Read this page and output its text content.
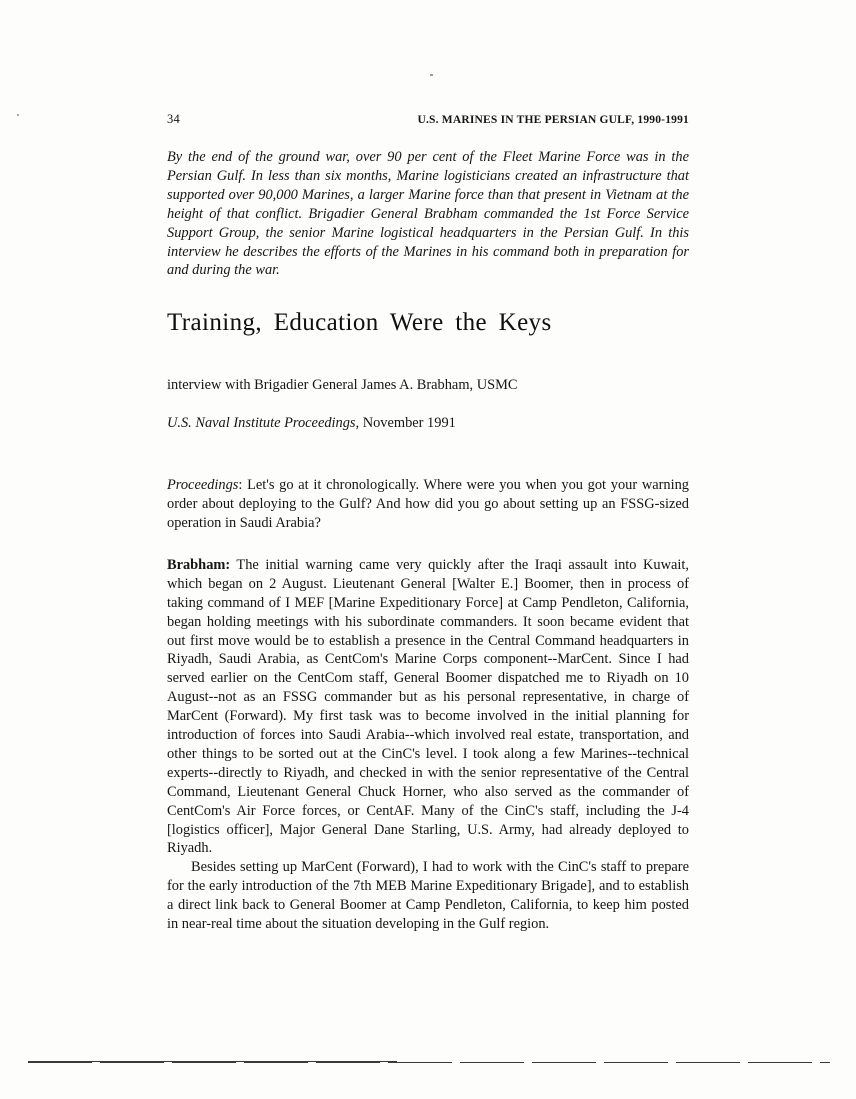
34	U.S. MARINES IN THE PERSIAN GULF, 1990-1991

By the end of the ground war, over 90 per cent of the Fleet Marine Force was in the Persian Gulf. In less than six months, Marine logisticians created an infrastructure that supported over 90,000 Marines, a larger Marine force than that present in Vietnam at the height of that conflict. Brigadier General Brabham commanded the 1st Force Service Support Group, the senior Marine logistical headquarters in the Persian Gulf. In this interview he describes the efforts of the Marines in his command both in preparation for and during the war.

Training, Education Were the Keys

interview with Brigadier General James A. Brabham, USMC

U.S. Naval Institute Proceedings, November 1991

Proceedings: Let's go at it chronologically. Where were you when you got your warning order about deploying to the Gulf? And how did you go about setting up an FSSG-sized operation in Saudi Arabia?

Brabham: The initial warning came very quickly after the Iraqi assault into Kuwait, which began on 2 August. Lieutenant General [Walter E.] Boomer, then in process of taking command of I MEF [Marine Expeditionary Force] at Camp Pendleton, California, began holding meetings with his subordinate commanders. It soon became evident that out first move would be to establish a presence in the Central Command headquarters in Riyadh, Saudi Arabia, as CentCom's Marine Corps component--MarCent. Since I had served earlier on the CentCom staff, General Boomer dispatched me to Riyadh on 10 August--not as an FSSG commander but as his personal representative, in charge of MarCent (Forward). My first task was to become involved in the initial planning for introduction of forces into Saudi Arabia--which involved real estate, transportation, and other things to be sorted out at the CinC's level. I took along a few Marines--technical experts--directly to Riyadh, and checked in with the senior representative of the Central Command, Lieutenant General Chuck Horner, who also served as the commander of CentCom's Air Force forces, or CentAF. Many of the CinC's staff, including the J-4 [logistics officer], Major General Dane Starling, U.S. Army, had already deployed to Riyadh.

Besides setting up MarCent (Forward), I had to work with the CinC's staff to prepare for the early introduction of the 7th MEB Marine Expeditionary Brigade], and to establish a direct link back to General Boomer at Camp Pendleton, California, to keep him posted in near-real time about the situation developing in the Gulf region.
